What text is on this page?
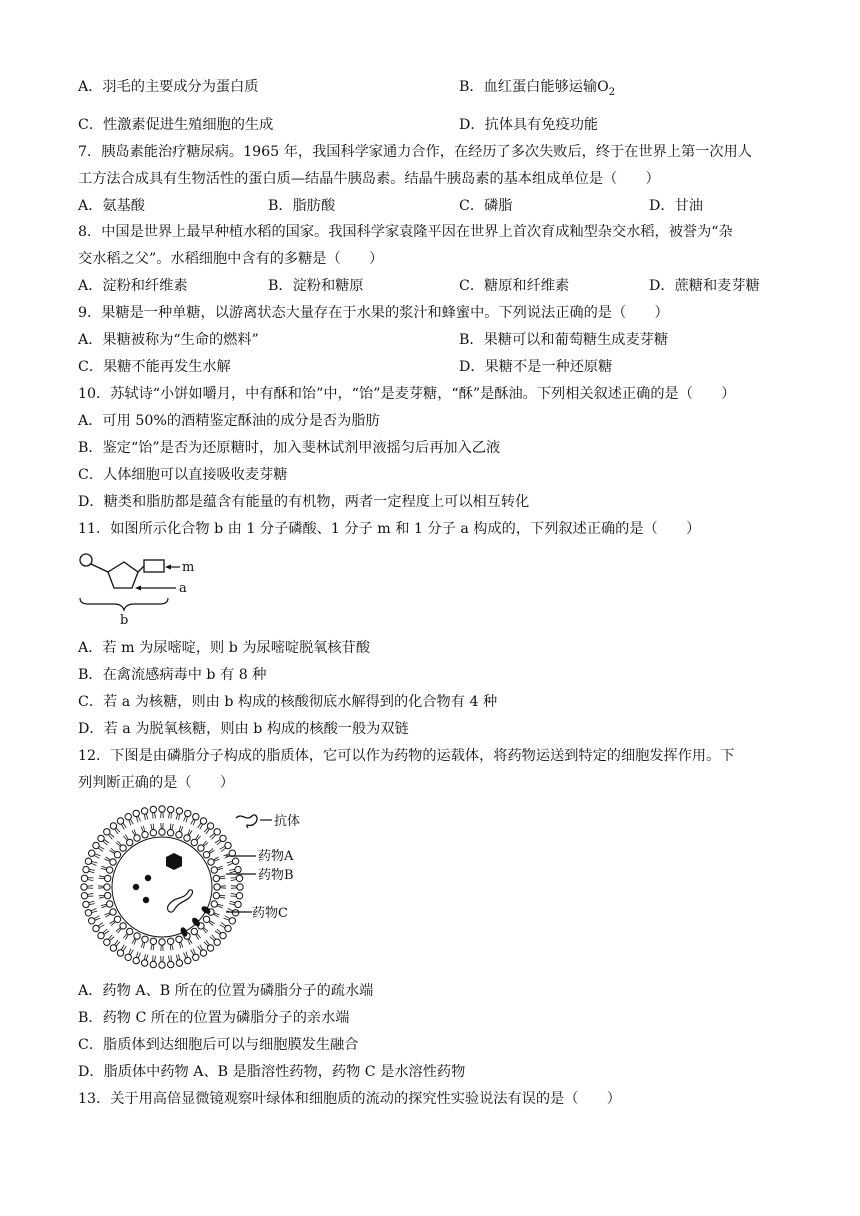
A．羽毛的主要成分为蛋白质	B．血红蛋白能够运输$O_2$
C．性激素促进生殖细胞的生成	D．抗体具有免疫功能
7．胰岛素能治疗糖尿病。1965 年，我国科学家通力合作，在经历了多次失败后，终于在世界上第一次用人
工方法合成具有生物活性的蛋白质—结晶牛胰岛素。结晶牛胰岛素的基本组成单位是（　　）
A．氨基酸	B．脂肪酸	C．磷脂	D．甘油
8．中国是世界上最早种植水稻的国家。我国科学家袁隆平因在世界上首次育成籼型杂交水稻，被誉为“杂
交水稻之父”。水稻细胞中含有的多糖是（　　）
A．淀粉和纤维素	B．淀粉和糖原	C．糖原和纤维素	D．蔗糖和麦芽糖
9．果糖是一种单糖，以游离状态大量存在于水果的浆汁和蜂蜜中。下列说法正确的是（　　）
A．果糖被称为“生命的燃料”	B．果糖可以和葡萄糖生成麦芽糖
C．果糖不能再发生水解	D．果糖不是一种还原糖
10．苏轼诗“小饼如嚼月，中有酥和饴”中，“饴”是麦芽糖，“酥”是酥油。下列相关叙述正确的是（　　）
A．可用 50%的酒精鉴定酥油的成分是否为脂肪
B．鉴定“饴”是否为还原糖时，加入斐林试剂甲液摇匀后再加入乙液
C．人体细胞可以直接吸收麦芽糖
D．糖类和脂肪都是蕴含有能量的有机物，两者一定程度上可以相互转化
11．如图所示化合物 b 由 1 分子磷酸、1 分子 m 和 1 分子 a 构成的，下列叙述正确的是（　　）
m
a
b
A．若 m 为尿嘧啶，则 b 为尿嘧啶脱氧核苷酸
B．在禽流感病毒中 b 有 8 种
C．若 a 为核糖，则由 b 构成的核酸彻底水解得到的化合物有 4 种
D．若 a 为脱氧核糖，则由 b 构成的核酸一般为双链
12．下图是由磷脂分子构成的脂质体，它可以作为药物的运载体，将药物运送到特定的细胞发挥作用。下
列判断正确的是（　　）
抗体
药物A
药物B
药物C
A．药物 A、B 所在的位置为磷脂分子的疏水端
B．药物 C 所在的位置为磷脂分子的亲水端
C．脂质体到达细胞后可以与细胞膜发生融合
D．脂质体中药物 A、B 是脂溶性药物，药物 C 是水溶性药物
13．关于用高倍显微镜观察叶绿体和细胞质的流动的探究性实验说法有误的是（　　）
